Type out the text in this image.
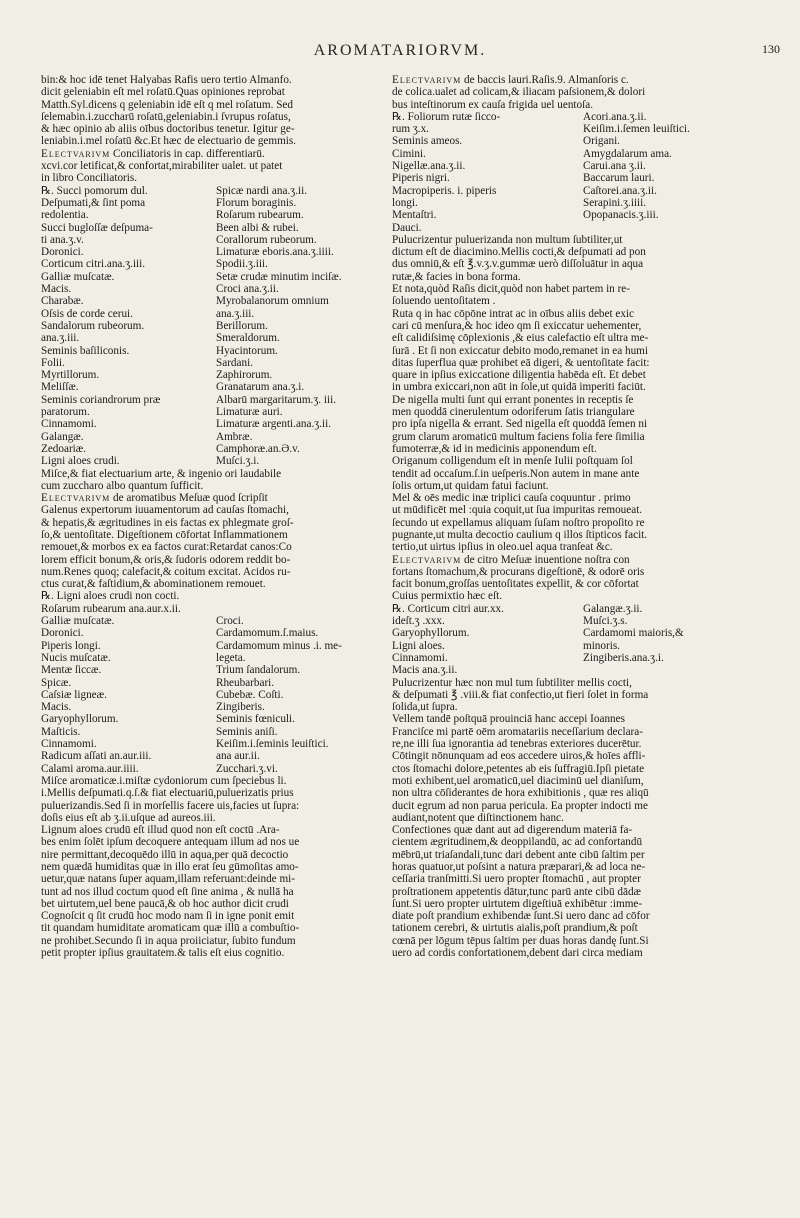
AROMATARIORVM.	130

bin:& hoc idē tenet Halyabas Rafis uero tertio Almanfo.
dicit geleniabin eſt mel roſatū.Quas opiniones reprobat
Matth.Syl.dicens q geleniabin idē eſt q mel roſatum. Sed
ſelemabin.i.zuccharū roſatū,geleniabin.i ſvrupus roſatus,
& hæc opinio ab aliis oībus doctoribus tenetur. Igitur ge-
leniabin.i.mel roſatū &c.Et hæc de electuario de gemmis.

Electvarivm Conciliatoris in cap. differentiarū.
xcvi.cor letificat,& confortat,mirabiliter ualet. ut patet
in libro Conciliatoris.

℞. Succi pomorum dul.	Spicæ nardi ana.ʒ.ii.
Deſpumati,& ſint poma	Florum boraginis.
redolentia.	Roſarum rubearum.
Succi bugloſſæ deſpuma-	Been albi & rubei.
ti ana.ʒ.v.	Corallorum rubeorum.
Doronici.	Limaturæ eboris.ana.ʒ.iiii.
Corticum citri.ana.ʒ.iii.	Spodii.ʒ.iii.
Galliæ muſcatæ.	Setæ crudæ minutim inciſæ.
Macis.	Croci ana.ʒ.ii.
Charabæ.	Myrobalanorum omnium
Oſsis de corde cerui.	ana.ʒ.iii.
Sandalorum rubeorum.	Berillorum.
ana.ʒ.iii.	Smeraldorum.
Seminis baſiliconis.	Hyacintorum.
Folii.	Sardani.
Myrtillorum.	Zaphirorum.
Meliſſæ.	Granatarum ana.ʒ.i.
Seminis coriandrorum præ	Albarū margaritarum.ʒ. iii.
paratorum.	Limaturæ auri.
Cinnamomi.	Limaturæ argenti.ana.ʒ.ii.
Galangæ.	Ambræ.
Zedoariæ.	Camphoræ.an.Ə.v.
Ligni aloes crudi.	Muſci.ʒ.i.

Miſce,& fiat electuarium arte, & ingenio ori laudabile
cum zuccharo albo quantum ſufficit.

Electvarivm de aromatibus Meſuæ quod ſcripſit
Galenus expertorum iuuamentorum ad cauſas ſtomachi,
& hepatis,& ægritudines in eis factas ex phlegmate groſ-
ſo,& uentoſitate. Digeſtionem cōfortat Inflammationem
remouet,& morbos ex ea factos curat:Retardat canos:Co
lorem efficit bonum,& oris,& ſudoris odorem reddit bo-
num.Renes quoq; calefacit,& coitum excitat. Acidos ru-
ctus curat,& faſtidium,& abominationem remouet.

℞. Ligni aloes crudi non cocti.
Roſarum rubearum ana.aur.x.ii.

Galliæ muſcatæ.	Croci.
Doronici.	Cardamomum.ſ.maius.
Piperis longi.	Cardamomum minus .i. me-
Nucis muſcatæ.	legeta.
Mentæ ſiccæ.	Trium ſandalorum.
Spicæ.	Rheubarbari.
Caſsiæ ligneæ.	Cubebæ. Coſti.
Macis.	Zingiberis.
Garyophyllorum.	Seminis fœniculi.
Maſticis.	Seminis aniſi.
Cinnamomi.	Keiſim.i.ſeminis leuiſtici.
Radicum aſſati an.aur.iii.	ana aur.ii.
Calami aroma.aur.iiii.	Zucchari.ʒ.vi.

Miſce aromaticæ.i.miſtæ cydoniorum cum ſpeciebus li.
i.Mellis deſpumati.q.ſ.& fiat electuariū,puluerizatis prius
puluerizandis.Sed ſi in morſellis facere uis,facies ut ſupra:
doſis eius eſt ab ʒ.ii.uſque ad aureos.iii.

Lignum aloes crudū eſt illud quod non eſt coctū .Ara-
bes enim ſolēt ipſum decoquere antequam illum ad nos ue
nire permittant,decoquēdo illū in aqua,per quā decoctio
nem quædā humiditas quæ in illo erat ſeu gūmoſitas amo-
uetur,quæ natans ſuper aquam,illam referuant:deinde mi-
tunt ad nos illud coctum quod eſt ſine anima , & nullā ha
bet uirtutem,uel bene paucā,& ob hoc author dicit crudi
Cognoſcit q ſit crudū hoc modo nam ſi in igne ponit emit
tit quandam humiditate aromaticam quæ illū a combuſtio-
ne prohibet.Secundo ſi in aqua proiiciatur, ſubito fundum
petit propter ipſius grauitatem.& talis eſt eius cognitio.

Electvarivm de baccis lauri.Raſis.9. Almanſoris c.
de colica.ualet ad colicam,& iliacam paſsionem,& dolori
bus inteſtinorum ex cauſa frigida uel uentoſa.

℞. Foliorum rutæ ſicco-	Acori.ana.ʒ.ii.
rum ʒ.x.	Keiſim.i.ſemen leuiſtici.
Seminis ameos.	Origani.
Cimini.	Amygdalarum ama.
Nigellæ.ana.ʒ.ii.	Carui.ana ʒ.ii.
Piperis nigri.	Baccarum lauri.
Macropiperis. i. piperis	Caſtorei.ana.ʒ.ii.
longi.	Serapini.ʒ.iiii.
Mentaſtri.	Opopanacis.ʒ.iii.
Dauci.

Pulucrizentur puluerizanda non multum ſubtiliter,ut
dictum eſt de diacimino.Mellis cocti,& deſpumati ad pon
dus omniū,& eſt ℥.v.ʒ.v.gummæ uerò diſſoluātur in aqua
rutæ,& facies in bona forma.

Et nota,quòd Raſis dicit,quòd non habet partem in re-
ſoluendo uentoſitatem .

Ruta q in hac cōpōne intrat ac in oībus aliis debet exic
cari cū menſura,& hoc ideo qm ſi exiccatur uehementer,
eſt calidiſsimę cōplexionis ,& eius calefactio eſt ultra me-
ſurā . Et ſi non exiccatur debito modo,remanet in ea humi
ditas ſuperflua quæ prohibet eā digeri, & uentoſitate facit:
quare in ipſius exiccatione diligentia habēda eſt. Et debet
in umbra exiccari,non aūt in ſole,ut quidā imperiti faciūt.

De nigella multi ſunt qui errant ponentes in receptis ſe
men quoddā cinerulentum odoriferum ſatis triangulare
pro ipſa nigella & errant. Sed nigella eſt quoddā ſemen ni
grum clarum aromaticū multum faciens folia fere ſimilia
fumoterræ,& id in medicinis apponendum eſt.

Origanum colligendum eſt in menſe Iulii poſtquam ſol
tendit ad occaſum.ſ.in ueſperis.Non autem in mane ante
ſolis ortum,ut quidam fatui faciunt.

Mel & oēs medic inæ triplici cauſa coquuntur . primo
ut mūdificēt mel :quia coquit,ut ſua impuritas remoueat.
ſecundo ut expellamus aliquam ſuſam noſtro propoſito re
pugnante,ut multa decoctio caulium q illos ſtipticos facit.
tertio,ut uirtus ipſius in oleo.uel aqua tranſeat &c.

Electvarivm de citro Meſuæ inuentione noſtra con
fortans ſtomachum,& procurans digeſtionē, & odorē oris
facit bonum,groſſas uentoſitates expellit, & cor cōfortat
Cuius permixtio hæc eſt.

℞. Corticum citri aur.xx.	Galangæ.ʒ.ii.
ideſt.ʒ .xxx.	Muſci.ʒ.s.
Garyophyllorum.	Cardamomi maioris,&
Ligni aloes.	minoris.
Cinnamomi.	Zingiberis.ana.ʒ.i.
Macis ana.ʒ.ii.

Pulucrizentur hæc non mul tum ſubtiliter mellis cocti,
& deſpumati ℥ .viii.& fiat confectio,ut fieri ſolet in forma
ſolida,ut ſupra.

Vellem tandē poſtquā prouinciā hanc accepi Ioannes
Franciſce mi partē oēm aromatariis neceſſarium declara-
re,ne illi ſua ignorantia ad tenebras exteriores ducerētur.
Cōtingit nōnunquam ad eos accedere uiros,& hoīes affli-
ctos ſtomachi dolore,petentes ab eis ſuffragiū.Ipſi pietate
moti exhibent,uel aromaticū,uel diaciminū uel dianiſum,
non ultra cōſiderantes de hora exhibitionis , quæ res aliqū
ducit egrum ad non parua pericula. Ea propter indocti me
audiant,notent que diſtinctionem hanc.

Confectiones quæ dant aut ad digerendum materiā fa-
cientem ægritudinem,& deoppilandū, ac ad confortandū
mēbrū,ut triaſandali,tunc dari debent ante cibū ſaltim per
horas quatuor,ut poſsint a natura præparari,& ad loca ne-
ceſſaria tranſmitti.Si uero propter ſtomachū , aut propter
proſtrationem appetentis dātur,tunc parū ante cibū dādæ
ſunt.Si uero propter uirtutem digeſtiuā exhibētur :imme-
diate poſt prandium exhibendæ ſunt.Si uero danc ad cōfor
tationem cerebri, & uirtutis aialis,poſt prandium,& poſt
cœnā per lōgum tēpus ſaltim per duas horas dandę ſunt.Si
uero ad cordis confortationem,debent dari circa mediam
